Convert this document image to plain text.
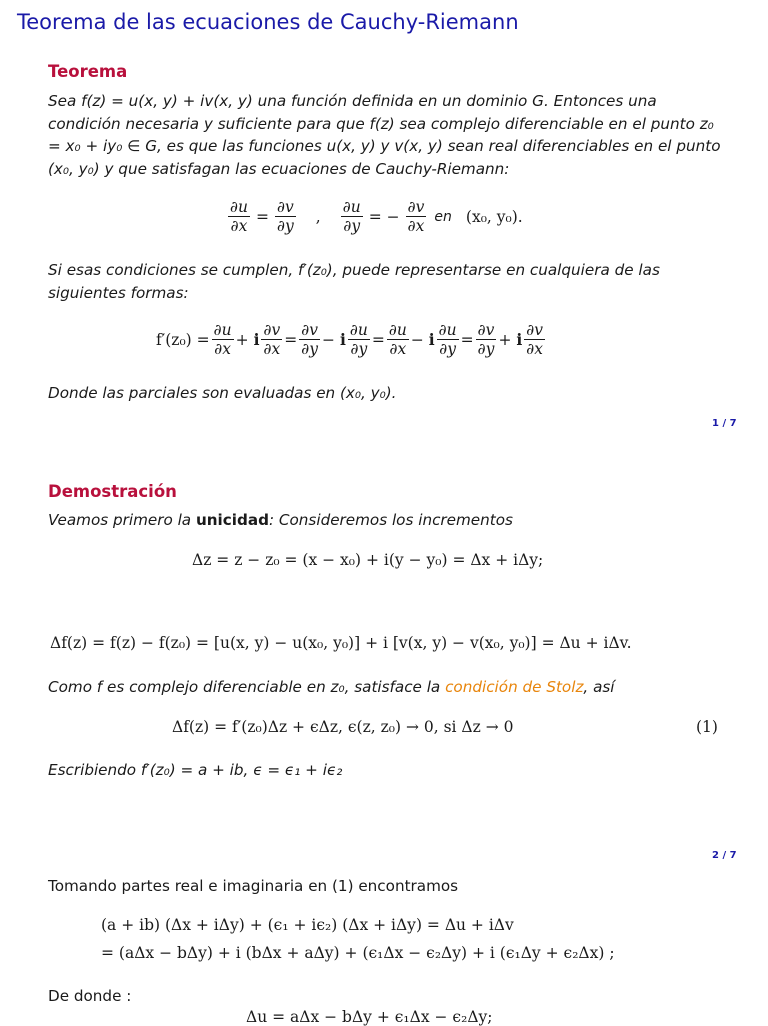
Teorema de las ecuaciones de Cauchy-Riemann
Teorema
Sea f(z) = u(x, y) + iv(x, y) una función definida en un dominio G. Entonces una condición necesaria y suficiente para que f(z) sea complejo diferenciable en el punto z₀ = x₀ + iy₀ ∈ G, es que las funciones u(x, y) y v(x, y) sean real diferenciables en el punto (x₀, y₀) y que satisfagan las ecuaciones de Cauchy-Riemann:
$\frac{\partial u}{\partial x} = \frac{\partial v}{\partial y}$ , $\frac{\partial u}{\partial y}$ = − $\frac{\partial v}{\partial x}$ en (x₀, y₀).
Si esas condiciones se cumplen, f′(z₀), puede representarse en cualquiera de las siguientes formas:
$f'(z_0) = \frac{\partial u}{\partial x} + i \frac{\partial v}{\partial x} = \frac{\partial v}{\partial y} - i \frac{\partial u}{\partial y} = \frac{\partial u}{\partial x} - i \frac{\partial u}{\partial y} = \frac{\partial v}{\partial y} + i \frac{\partial v}{\partial x}$
Donde las parciales son evaluadas en (x₀, y₀).
1 / 7
Demostración
Veamos primero la unicidad: Consideremos los incrementos
Δz = z − z₀ = (x − x₀) + i(y − y₀) = Δx + iΔy;
Δf(z) = f(z) − f(z₀) = [u(x, y) − u(x₀, y₀)] + i [v(x, y) − v(x₀, y₀)] = Δu + iΔv.
Como f es complejo diferenciable en z₀, satisface la condición de Stolz, así
Δf(z) = f′(z₀)Δz + ϵΔz, ϵ(z, z₀) → 0, si Δz → 0	(1)
Escribiendo f′(z₀) = a + ib, ϵ = ϵ₁ + iϵ₂
2 / 7
Tomando partes real e imaginaria en (1) encontramos
(a + ib) (Δx + iΔy) + (ϵ₁ + iϵ₂) (Δx + iΔy) = Δu + iΔv
= (aΔx − bΔy) + i (bΔx + aΔy) + (ϵ₁Δx − ϵ₂Δy) + i (ϵ₁Δy + ϵ₂Δx) ;
De donde :
Δu = aΔx − bΔy + ϵ₁Δx − ϵ₂Δy;
